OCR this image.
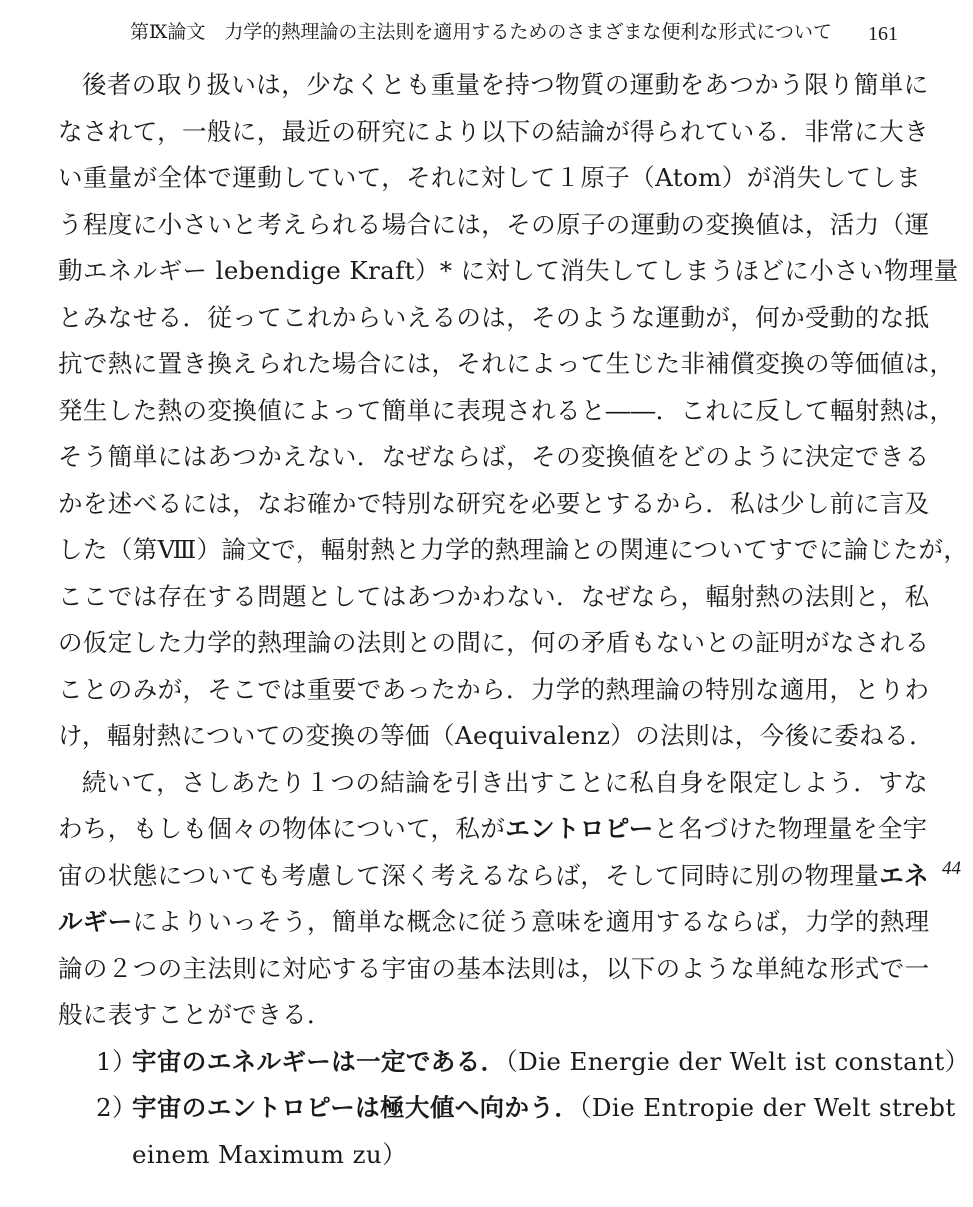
第Ⅸ論文　力学的熱理論の主法則を適用するためのさまざまな便利な形式について 161
44
後者の取り扱いは，少なくとも重量を持つ物質の運動をあつかう限り簡単に
なされて，一般に，最近の研究により以下の結論が得られている．非常に大き
い重量が全体で運動していて，それに対して１原子（Atom）が消失してしま
う程度に小さいと考えられる場合には，その原子の運動の変換値は，活力（運
動エネルギー lebendige Kraft）* に対して消失してしまうほどに小さい物理量
とみなせる．従ってこれからいえるのは，そのような運動が，何か受動的な抵
抗で熱に置き換えられた場合には，それによって生じた非補償変換の等価値は，
発生した熱の変換値によって簡単に表現されると――．これに反して輻射熱は，
そう簡単にはあつかえない．なぜならば，その変換値をどのように決定できる
かを述べるには，なお確かで特別な研究を必要とするから．私は少し前に言及
した（第Ⅷ）論文で，輻射熱と力学的熱理論との関連についてすでに論じたが，
ここでは存在する問題としてはあつかわない．なぜなら，輻射熱の法則と，私
の仮定した力学的熱理論の法則との間に，何の矛盾もないとの証明がなされる
ことのみが，そこでは重要であったから．力学的熱理論の特別な適用，とりわ
け，輻射熱についての変換の等価（Aequivalenz）の法則は，今後に委ねる．
続いて，さしあたり１つの結論を引き出すことに私自身を限定しよう．すな
わち，もしも個々の物体について，私がエントロピーと名づけた物理量を全宇
宙の状態についても考慮して深く考えるならば，そして同時に別の物理量エネ
ルギーによりいっそう，簡単な概念に従う意味を適用するならば，力学的熱理
論の２つの主法則に対応する宇宙の基本法則は，以下のような単純な形式で一
般に表すことができる．
1）宇宙のエネルギーは一定である．（Die Energie der Welt ist constant）
2）宇宙のエントロピーは極大値へ向かう．（Die Entropie der Welt strebt
einem Maximum zu）
